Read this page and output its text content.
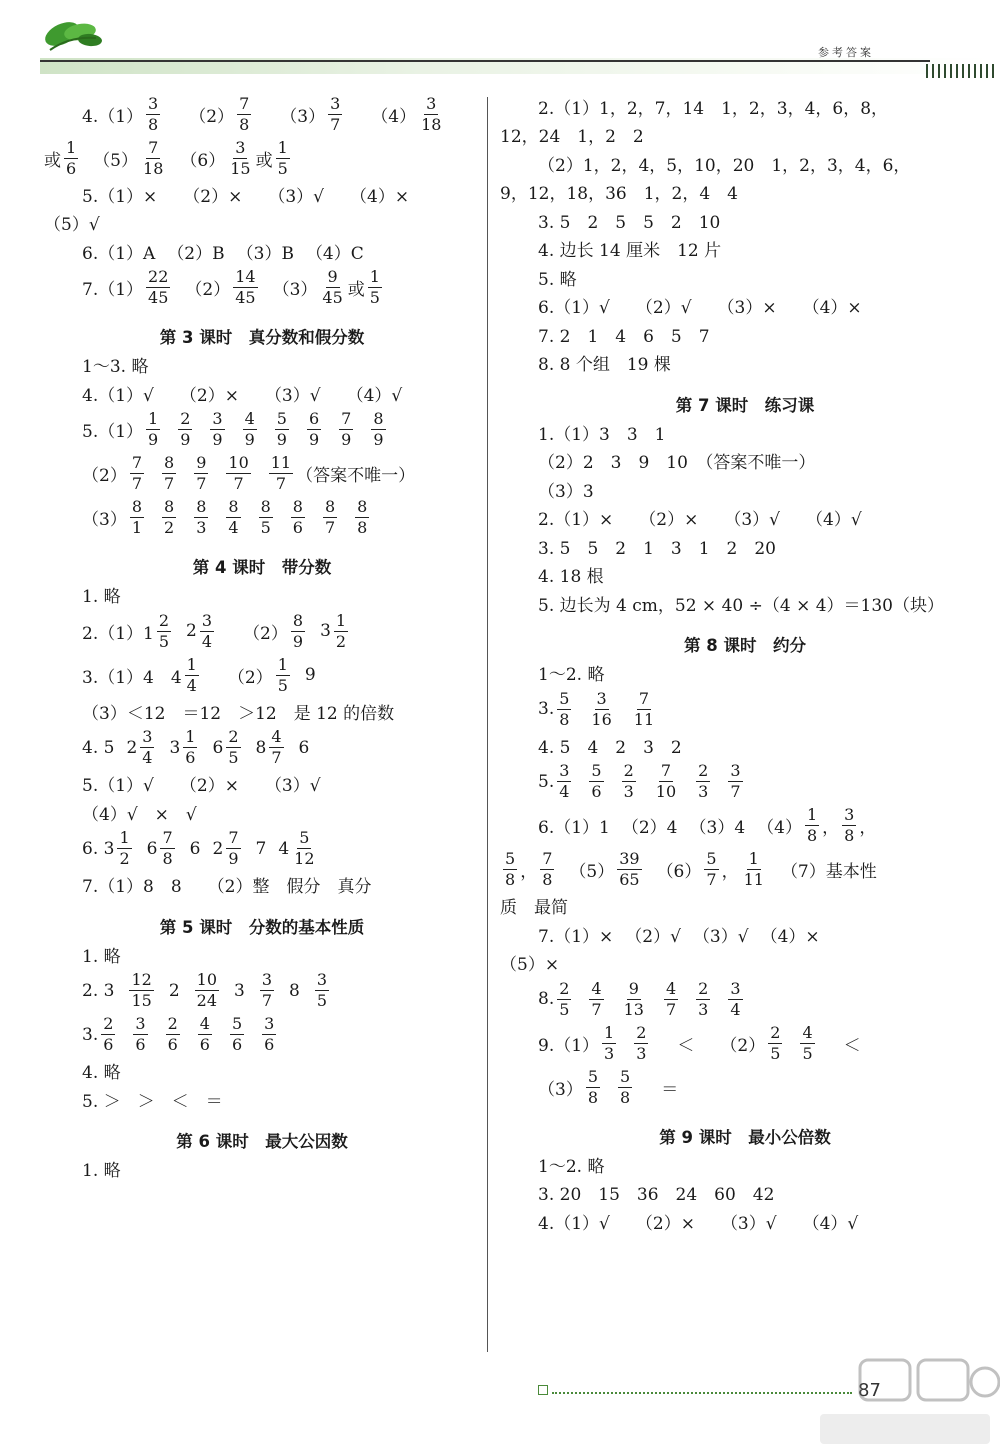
参考答案
$4.(1) \frac{3}{8} (2) \frac{7}{8} (3) \frac{3}{7} (4) \frac{3}{18}$
或 $\frac{1}{6} (5) \frac{7}{18} (6) \frac{3}{15}$ 或 $\frac{1}{5}$
5.（1）× （2）× （3）√ （4）×
（5）√
6.（1）A （2）B （3）B （4）C
$7.(1) \frac{22}{45} (2) \frac{14}{45} (3) \frac{9}{45}$ 或 $\frac{1}{5}$
第 3 课时　真分数和假分数
1～3. 略
4.（1）√ （2）× （3）√ （4）√
$5.(1) \frac{1}{9} \frac{2}{9} \frac{3}{9} \frac{4}{9} \frac{5}{9} \frac{6}{9} \frac{7}{9} \frac{8}{9}$
$(2) \frac{7}{7} \frac{8}{7} \frac{9}{7} \frac{10}{7} \frac{11}{7}$ （答案不唯一）
$(3) \frac{8}{1} \frac{8}{2} \frac{8}{3} \frac{8}{4} \frac{8}{5} \frac{8}{6} \frac{8}{7} \frac{8}{8}$
第 4 课时　带分数
1. 略
$2.(1)1 \frac{2}{5} 2 \frac{3}{4} (2) \frac{8}{9} 3 \frac{1}{2}$
3.（1）4　$4 \frac{1}{4} (2) \frac{1}{5} 9$
（3）＜12　＝12　＞12　是 12 的倍数
4. 5 $2 \frac{3}{4} 3 \frac{1}{6} 6 \frac{2}{5} 8 \frac{4}{7} 6$
5.（1）√ （2）× （3）√
（4）√　×　√
6. $3 \frac{1}{2} 6 \frac{7}{8} 6$ $2 \frac{7}{9} 7$ $4 \frac{5}{12}$
7.（1）8　8 （2）整　假分　真分
第 5 课时　分数的基本性质
1. 略
2. $3 \frac{12}{15} 2 \frac{10}{24} 3 \frac{3}{7} 8 \frac{3}{5}$
3. $\frac{2}{6} \frac{3}{6} \frac{2}{6} \frac{4}{6} \frac{5}{6} \frac{3}{6}$
4. 略
5. ＞　＞　＜　＝
第 6 课时　最大公因数
1. 略
2.（1）1，2，7，14　1，2，3，4，6，8，
12，24　1，2　2
（2）1，2，4，5，10，20　1，2，3，4，6，
9，12，18，36　1，2，4　4
3. 5　2　5　5　2　10
4. 边长 14 厘米　12 片
5. 略
6.（1）√ （2）√ （3）× （4）×
7. 2　1　4　6　5　7
8. 8 个组　19 棵
第 7 课时　练习课
1.（1）3　3　1
（2）2　3　9　10　（答案不唯一）
（3）3
2.（1）× （2）× （3）√ （4）√
3. 5　5　2　1　3　1　2　20
4. 18 根
5. 边长为 4 cm，52 × 40 ÷（4 × 4）＝130（块）
第 8 课时　约分
1～2. 略
3. $\frac{5}{8} \frac{3}{16} \frac{7}{11}$
4. 5　4　2　3　2
5. $\frac{3}{4} \frac{5}{6} \frac{2}{3} \frac{7}{10} \frac{2}{3} \frac{3}{7}$
6.（1）1 （2）4 （3）4 $(4) \frac{1}{8}$ ， $\frac{3}{8}$ ，
$\frac{5}{8}$ ， $\frac{7}{8} (5) \frac{39}{65} (6) \frac{5}{7}$ ， $\frac{1}{11} (7)$基本性
质　最简
7.（1）× （2）√ （3）√ （4）×
（5）×
8. $\frac{2}{5} \frac{4}{7} \frac{9}{13} \frac{4}{7} \frac{2}{3} \frac{3}{4}$
$9.(1) \frac{1}{3} \frac{2}{3} < (2) \frac{2}{5} \frac{4}{5}$ ＜
$(3) \frac{5}{8} \frac{5}{8}$ ＝
第 9 课时　最小公倍数
1～2. 略
3. 20　15　36　24　60　42
4.（1）√ （2）× （3）√ （4）√
87
